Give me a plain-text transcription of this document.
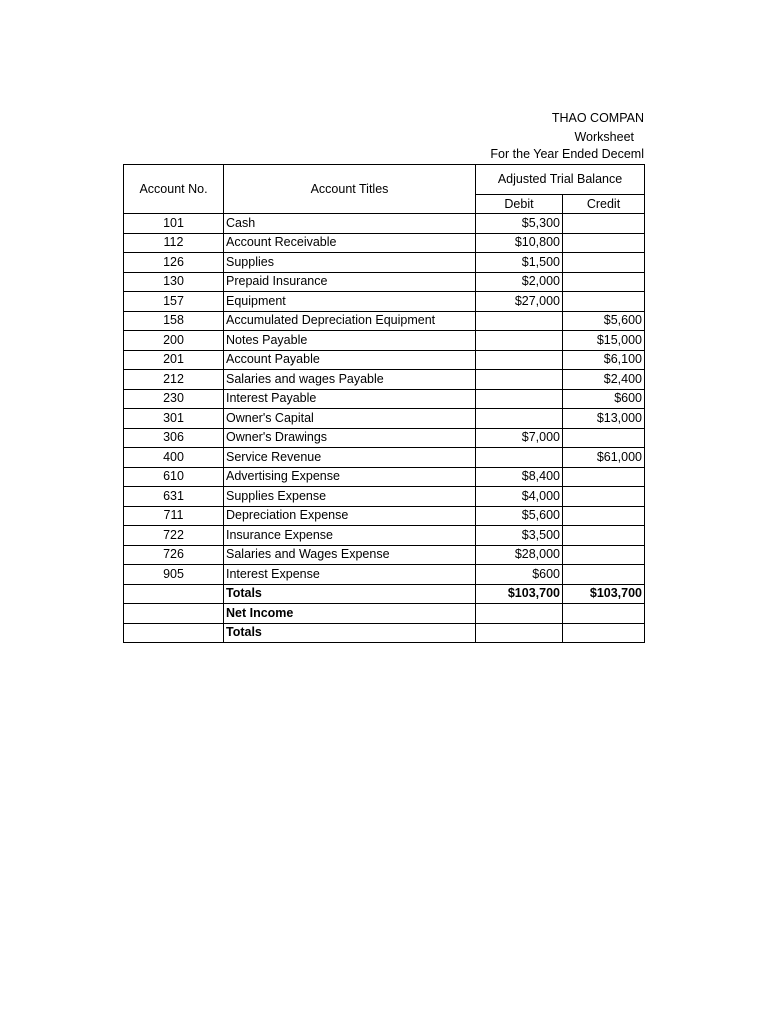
THAO COMPAN
Worksheet
For the Year Ended Deceml
Account No.	Account Titles	Adjusted Trial Balance	
		Debit	Credit
101	Cash	$5,300	
112	Account Receivable	$10,800	
126	Supplies	$1,500	
130	Prepaid Insurance	$2,000	
157	Equipment	$27,000	
158	Accumulated Depreciation Equipment		$5,600
200	Notes Payable		$15,000
201	Account Payable		$6,100
212	Salaries and wages Payable		$2,400
230	Interest Payable		$600
301	Owner's Capital		$13,000
306	Owner's Drawings	$7,000	
400	Service Revenue		$61,000
610	Advertising Expense	$8,400	
631	Supplies Expense	$4,000	
711	Depreciation Expense	$5,600	
722	Insurance Expense	$3,500	
726	Salaries and Wages Expense	$28,000	
905	Interest Expense	$600	
	Totals	$103,700	$103,700
	Net Income		
	Totals		
